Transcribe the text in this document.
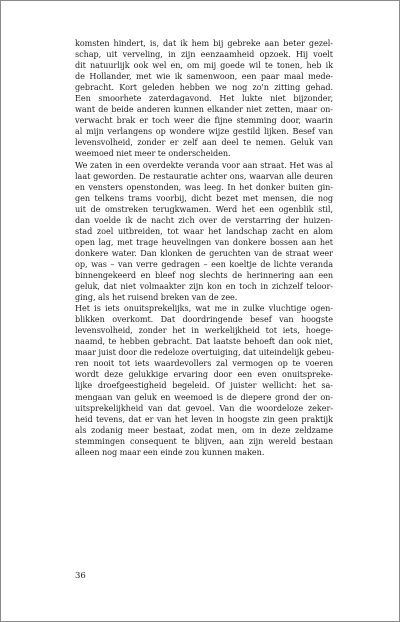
komsten hindert, is, dat ik hem bij gebreke aan beter gezel-
schap, uit verveling, in zijn eenzaamheid opzoek. Hij voelt
dit natuurlijk ook wel en, om mij goede wil te tonen, heb ik
de Hollander, met wie ik samenwoon, een paar maal mede-
gebracht. Kort geleden hebben we nog zo'n zitting gehad.
Een smoorhete zaterdagavond. Het lukte niet bijzonder,
want de beide anderen kunnen elkander niet zetten, maar on-
verwacht brak er toch weer die fijne stemming door, waarin
al mijn verlangens op wondere wijze gestild lijken. Besef van
levensvolheid, zonder er zelf aan deel te nemen. Geluk van
weemoed niet meer te onderscheiden.
We zaten in een overdekte veranda voor aan straat. Het was al
laat geworden. De restauratie achter ons, waarvan alle deuren
en vensters openstonden, was leeg. In het donker buiten gin-
gen telkens trams voorbij, dicht bezet met mensen, die nog
uit de omstreken terugkwamen. Werd het een ogenblik stil,
dan voelde ik de nacht zich over de verstarring der huizen-
stad zoel uitbreiden, tot waar het landschap zacht en alom
open lag, met trage heuvelingen van donkere bossen aan het
donkere water. Dan klonken de geruchten van de straat weer
op, was – van verre gedragen – een koeltje de lichte veranda
binnengekeerd en bleef nog slechts de herinnering aan een
geluk, dat niet volmaakter zijn kon en toch in zichzelf teloor-
ging, als het ruisend breken van de zee.
Het is iets onuitsprekelijks, wat me in zulke vluchtige ogen-
blikken overkomt. Dat doordringende besef van hoogste
levensvolheid, zonder het in werkelijkheid tot iets, hoege-
naamd, te hebben gebracht. Dat laatste behoeft dan ook niet,
maar juist door die redeloze overtuiging, dat uiteindelijk gebeu-
ren nooit tot iets waardevollers zal vermogen op te voeren
wordt deze gelukkige ervaring door een even onuitspreke-
lijke droefgeestigheid begeleid. Of juister wellicht: het sa-
mengaan van geluk en weemoed is de diepere grond der on-
uitsprekelijkheid van dat gevoel. Van die woordeloze zeker-
heid tevens, dat er van het leven in hoogste zin geen praktijk
als zodanig meer bestaat, zodat men, om in deze zeldzame
stemmingen consequent te blijven, aan zijn wereld bestaan
alleen nog maar een einde zou kunnen maken.
36
